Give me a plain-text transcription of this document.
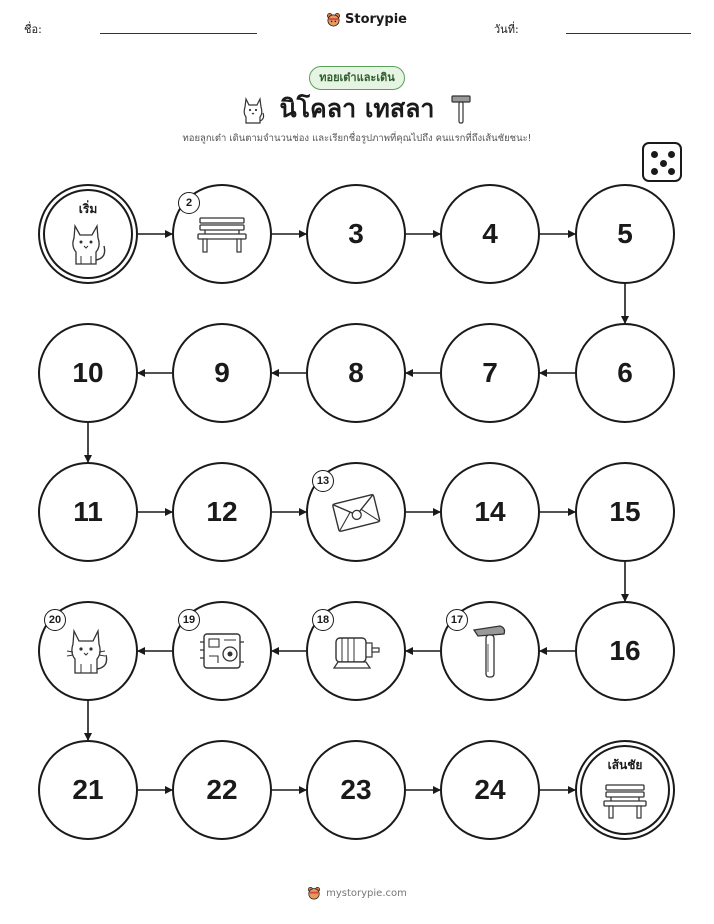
ชื่อ:
Storypie
วันที่:
ทอยเต๋าและเดิน
นิโคลา เทสลา
ทอยลูกเต๋า เดินตามจำนวนช่อง และเรียกชื่อรูปภาพที่คุณไปถึง คนแรกที่ถึงเส้นชัยชนะ!
เริ่ม	2
3	4	5
6
7
8
9
10
11	12
13
14	15
16
17
18
19
20
21	22	23	24
เส้นชัย
mystorypie.com
